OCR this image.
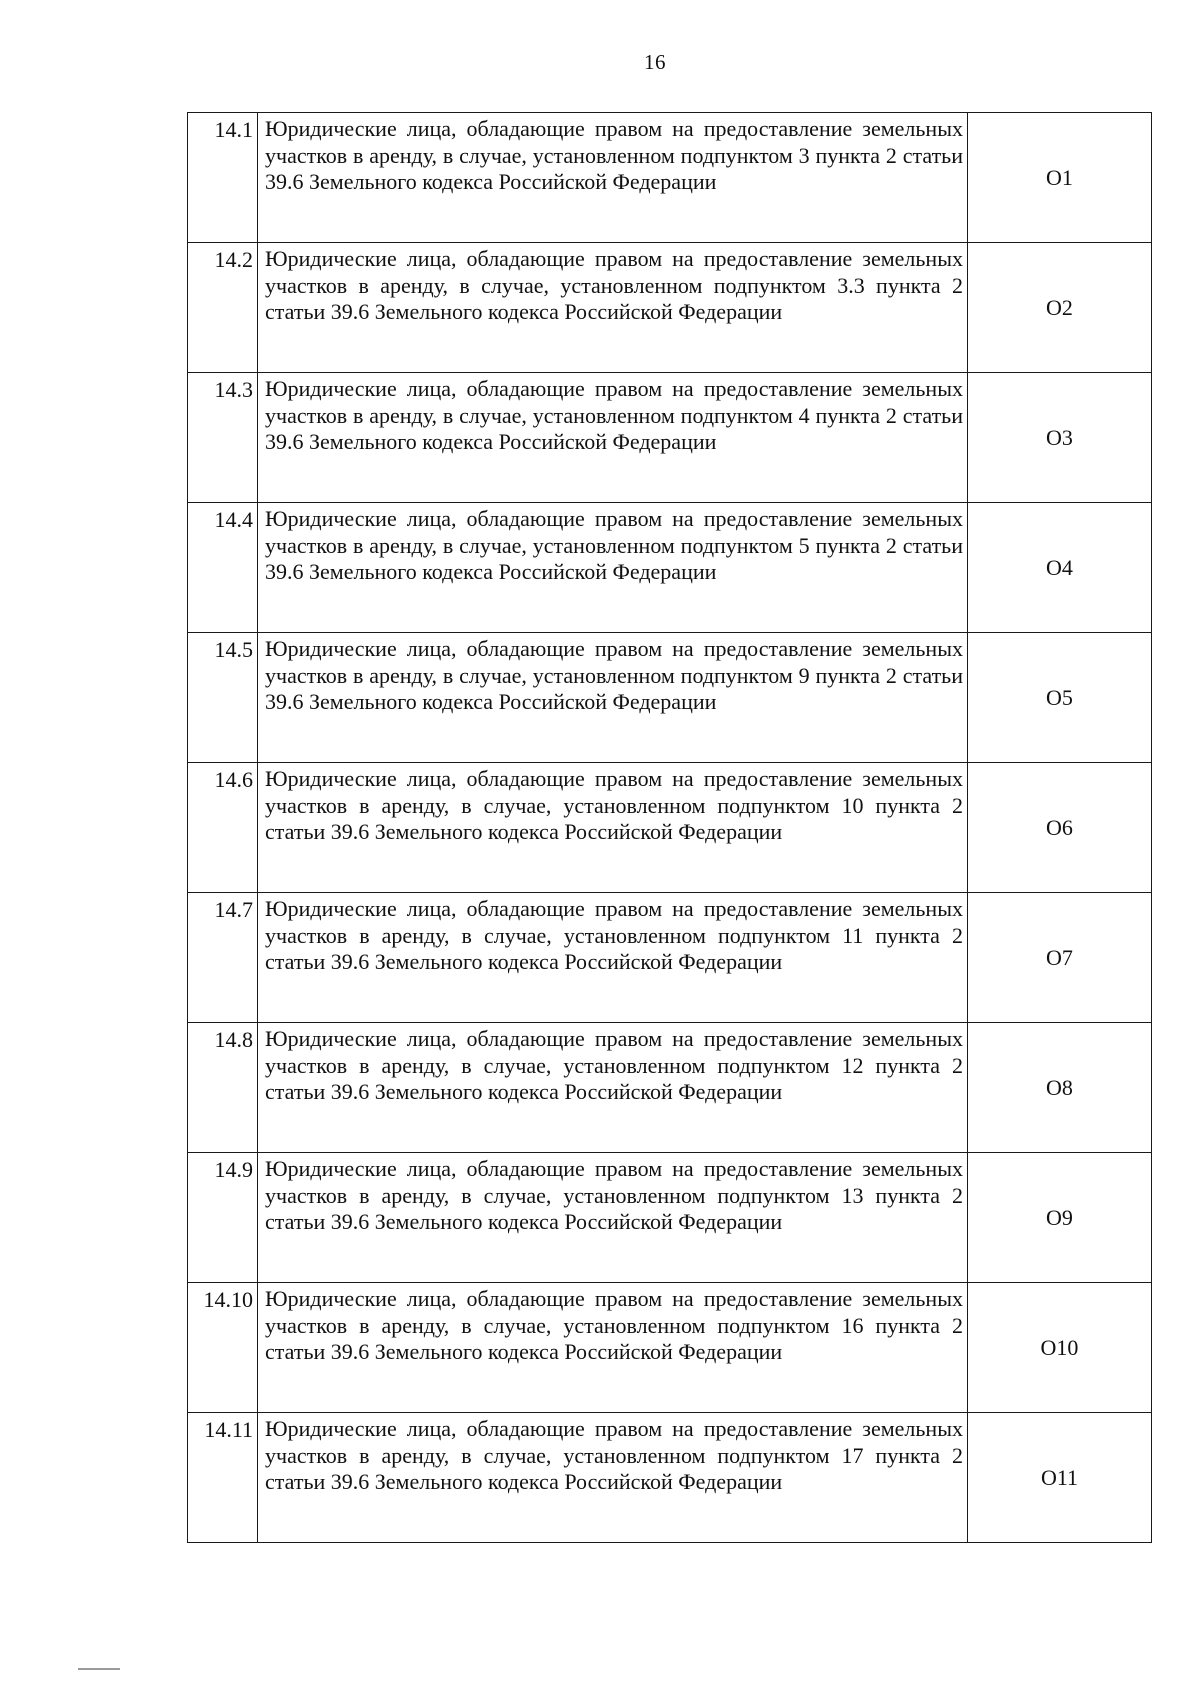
16
14.1	Юридические лица, обладающие правом на предоставление земельных участков в аренду, в случае, установленном подпунктом 3 пункта 2 статьи 39.6 Земельного кодекса Российской Федерации	О1
14.2	Юридические лица, обладающие правом на предоставление земельных участков в аренду, в случае, установленном подпунктом 3.3 пункта 2 статьи 39.6 Земельного кодекса Российской Федерации	О2
14.3	Юридические лица, обладающие правом на предоставление земельных участков в аренду, в случае, установленном подпунктом 4 пункта 2 статьи 39.6 Земельного кодекса Российской Федерации	О3
14.4	Юридические лица, обладающие правом на предоставление земельных участков в аренду, в случае, установленном подпунктом 5 пункта 2 статьи 39.6 Земельного кодекса Российской Федерации	О4
14.5	Юридические лица, обладающие правом на предоставление земельных участков в аренду, в случае, установленном подпунктом 9 пункта 2 статьи 39.6 Земельного кодекса Российской Федерации	О5
14.6	Юридические лица, обладающие правом на предоставление земельных участков в аренду, в случае, установленном подпунктом 10 пункта 2 статьи 39.6 Земельного кодекса Российской Федерации	О6
14.7	Юридические лица, обладающие правом на предоставление земельных участков в аренду, в случае, установленном подпунктом 11 пункта 2 статьи 39.6 Земельного кодекса Российской Федерации	О7
14.8	Юридические лица, обладающие правом на предоставление земельных участков в аренду, в случае, установленном подпунктом 12 пункта 2 статьи 39.6 Земельного кодекса Российской Федерации	О8
14.9	Юридические лица, обладающие правом на предоставление земельных участков в аренду, в случае, установленном подпунктом 13 пункта 2 статьи 39.6 Земельного кодекса Российской Федерации	О9
14.10	Юридические лица, обладающие правом на предоставление земельных участков в аренду, в случае, установленном подпунктом 16 пункта 2 статьи 39.6 Земельного кодекса Российской Федерации	О10
14.11	Юридические лица, обладающие правом на предоставление земельных участков в аренду, в случае, установленном подпунктом 17 пункта 2 статьи 39.6 Земельного кодекса Российской Федерации	О11
